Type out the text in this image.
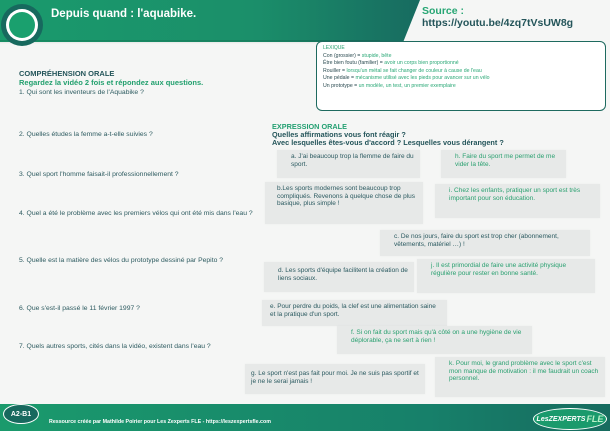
Depuis quand : l'aquabike.	Source :
https://youtu.be/4zq7tVsUW8g
LEXIQUE
Con (grossier) = stupide, bête
Être bien foutu (familier) = avoir un corps bien proportionné
Rouiller = lorsqu'un métal se fait changer de couleur à cause de l'eau
Une pédale = mécanisme utilisé avec les pieds pour avancer sur un vélo
Un prototype = un modèle, un test, un premier exemplaire
COMPRÉHENSION ORALE
Regardez la vidéo 2 fois et répondez aux questions.
1. Qui sont les inventeurs de l'Aquabike ?
2. Quelles études la femme a-t-elle suivies ?
3. Quel sport l'homme faisait-il professionnellement ?
4. Quel a été le problème avec les premiers vélos qui ont été mis dans l'eau ?
5. Quelle est la matière des vélos du prototype dessiné par Pepito ?
6. Que s'est-il passé le 11 février 1997 ?
7. Quels autres sports, cités dans la vidéo, existent dans l'eau ?
EXPRESSION ORALE
Quelles affirmations vous font réagir ?
Avec lesquelles êtes-vous d'accord ? Lesquelles vous dérangent ?
a. J'ai beaucoup trop la flemme de faire du sport.
h. Faire du sport me permet de me vider la tête.
b.Les sports modernes sont beaucoup trop compliqués. Revenons à quelque chose de plus basique, plus simple !
i. Chez les enfants, pratiquer un sport est très important pour son éducation.
c. De nos jours, faire du sport est trop cher (abonnement, vêtements, matériel …) !
d. Les sports d'équipe facilitent la création de liens sociaux.
j. Il est primordial de faire une activité physique régulière pour rester en bonne santé.
e. Pour perdre du poids, la clef est une alimentation saine et la pratique d'un sport.
f. Si on fait du sport mais qu'à côté on a une hygiène de vie déplorable, ça ne sert à rien !
g. Le sport n'est pas fait pour moi. Je ne suis pas sportif et je ne le serai jamais !
k. Pour moi, le grand problème avec le sport c'est mon manque de motivation : il me faudrait un coach personnel.
A2-B1
Ressource créée par Mathilde Poirier pour Les Zexperts FLE - https://leszexpertsfle.com	LesZEXPERTS FLE
